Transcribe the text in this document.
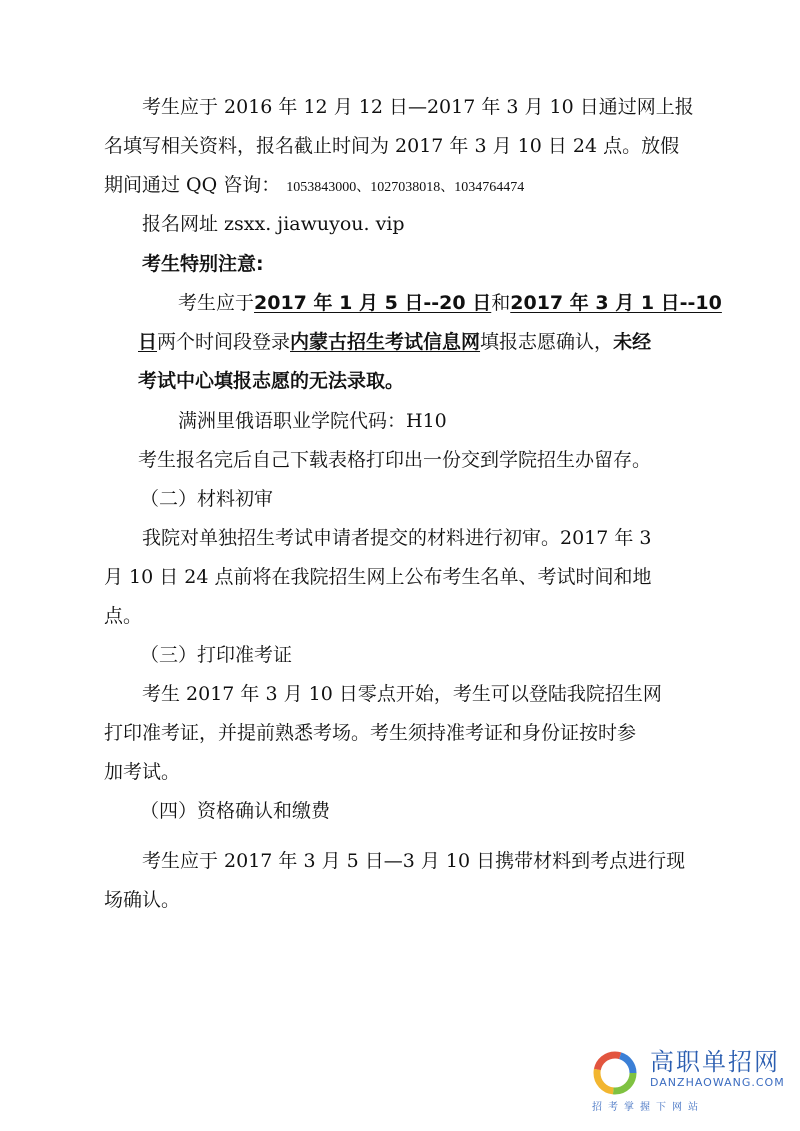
考生应于 2016 年 12 月 12 日—2017 年 3 月 10 日通过网上报
名填写相关资料，报名截止时间为 2017 年 3 月 10 日 24 点。放假
期间通过 QQ 咨询： 1053843000、1027038018、1034764474
报名网址 zsxx. jiawuyou. vip
考生特别注意:
考生应于2017 年 1 月 5 日--20 日和2017 年 3 月 1 日--10
日两个时间段登录内蒙古招生考试信息网填报志愿确认，未经
考试中心填报志愿的无法录取。
满洲里俄语职业学院代码：H10
考生报名完后自己下载表格打印出一份交到学院招生办留存。
（二）材料初审
我院对单独招生考试申请者提交的材料进行初审。2017 年 3
月 10 日 24 点前将在我院招生网上公布考生名单、考试时间和地
点。
（三）打印准考证
考生 2017 年 3 月 10 日零点开始，考生可以登陆我院招生网
打印准考证，并提前熟悉考场。考生须持准考证和身份证按时参
加考试。
（四）资格确认和缴费
考生应于 2017 年 3 月 5 日—3 月 10 日携带材料到考点进行现
场确认。
高职单招网
DANZHAOWANG.COM
招考掌握下网站
